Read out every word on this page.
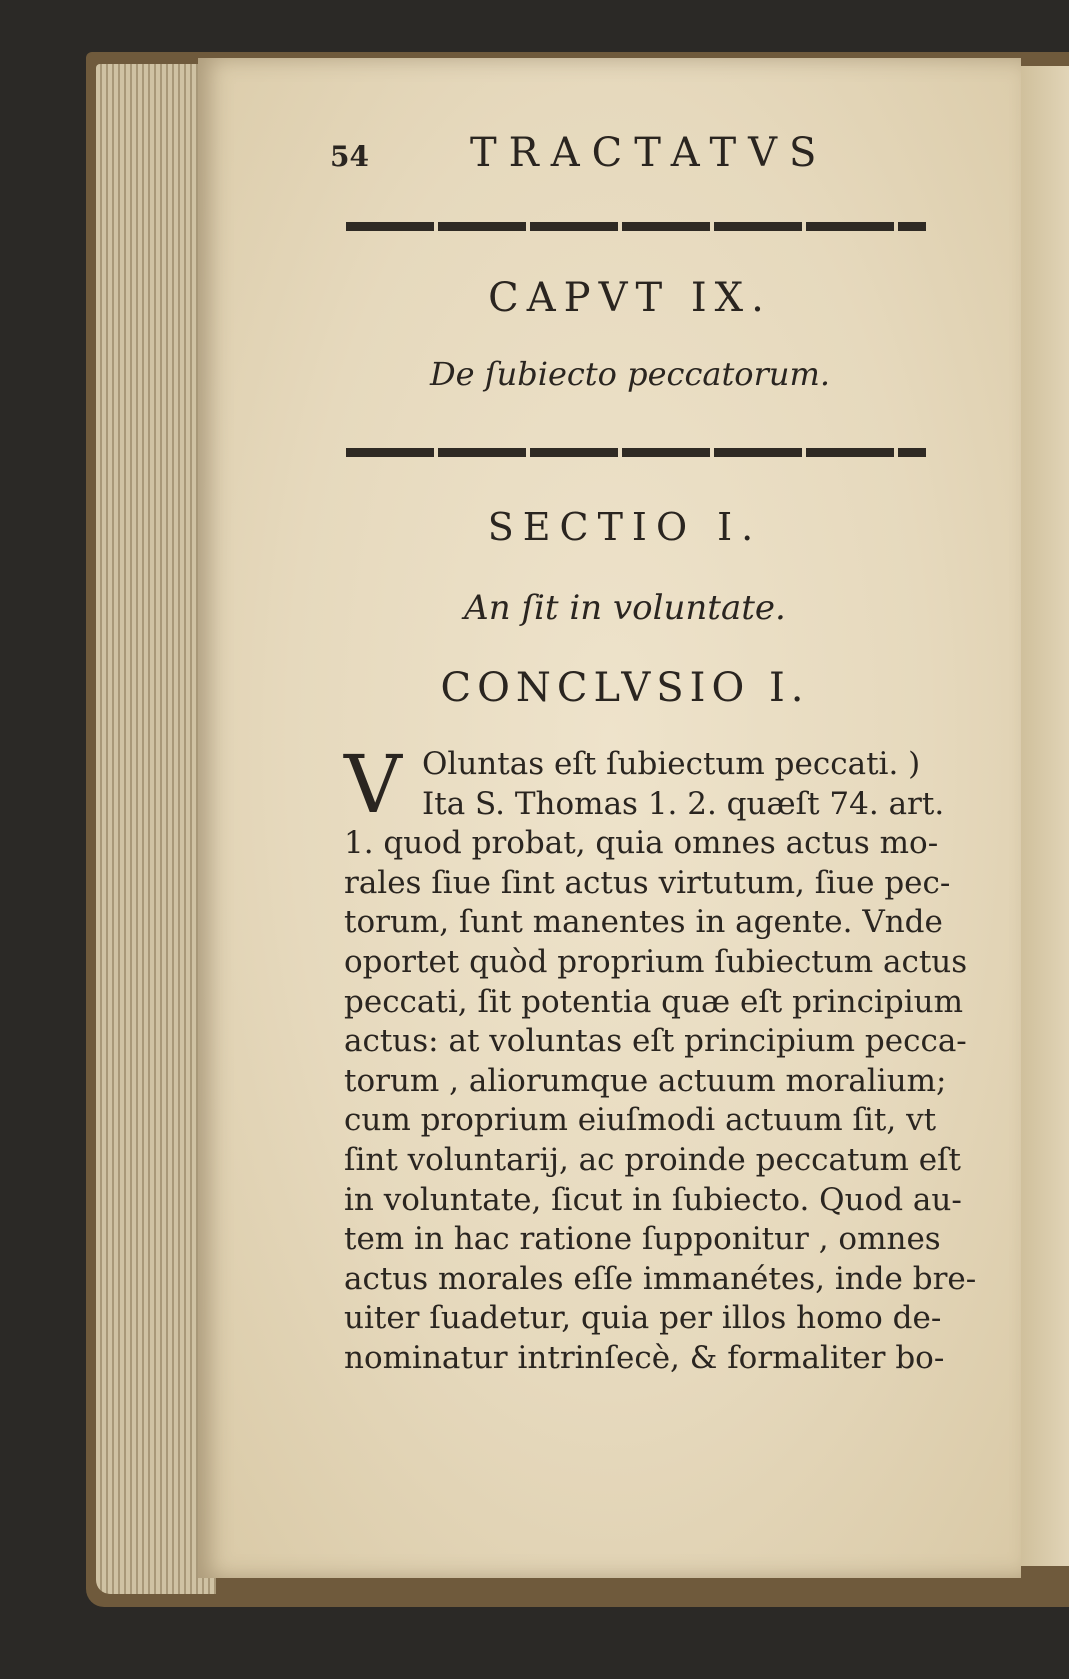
54	TRACTATVS
CAPVT IX.
De ſubiecto peccatorum.
SECTIO I.
An ſit in voluntate.
CONCLVSIO I.
V Oluntas eſt ſubiectum peccati. )
Ita S. Thomas 1. 2. quæſt 74. art.
1. quod probat, quia omnes actus mo-
rales ſiue ſint actus virtutum, ſiue pec-
torum, ſunt manentes in agente. Vnde
oportet quòd proprium ſubiectum actus
peccati, ſit potentia quæ eſt principium
actus: at voluntas eſt principium pecca-
torum , aliorumque actuum moralium;
cum proprium eiuſmodi actuum ſit, vt
ſint voluntarij, ac proinde peccatum eſt
in voluntate, ſicut in ſubiecto. Quod au-
tem in hac ratione ſupponitur , omnes
actus morales eſſe immanétes, inde bre-
uiter ſuadetur, quia per illos homo de-
nominatur intrinſecè, & formaliter bo-
